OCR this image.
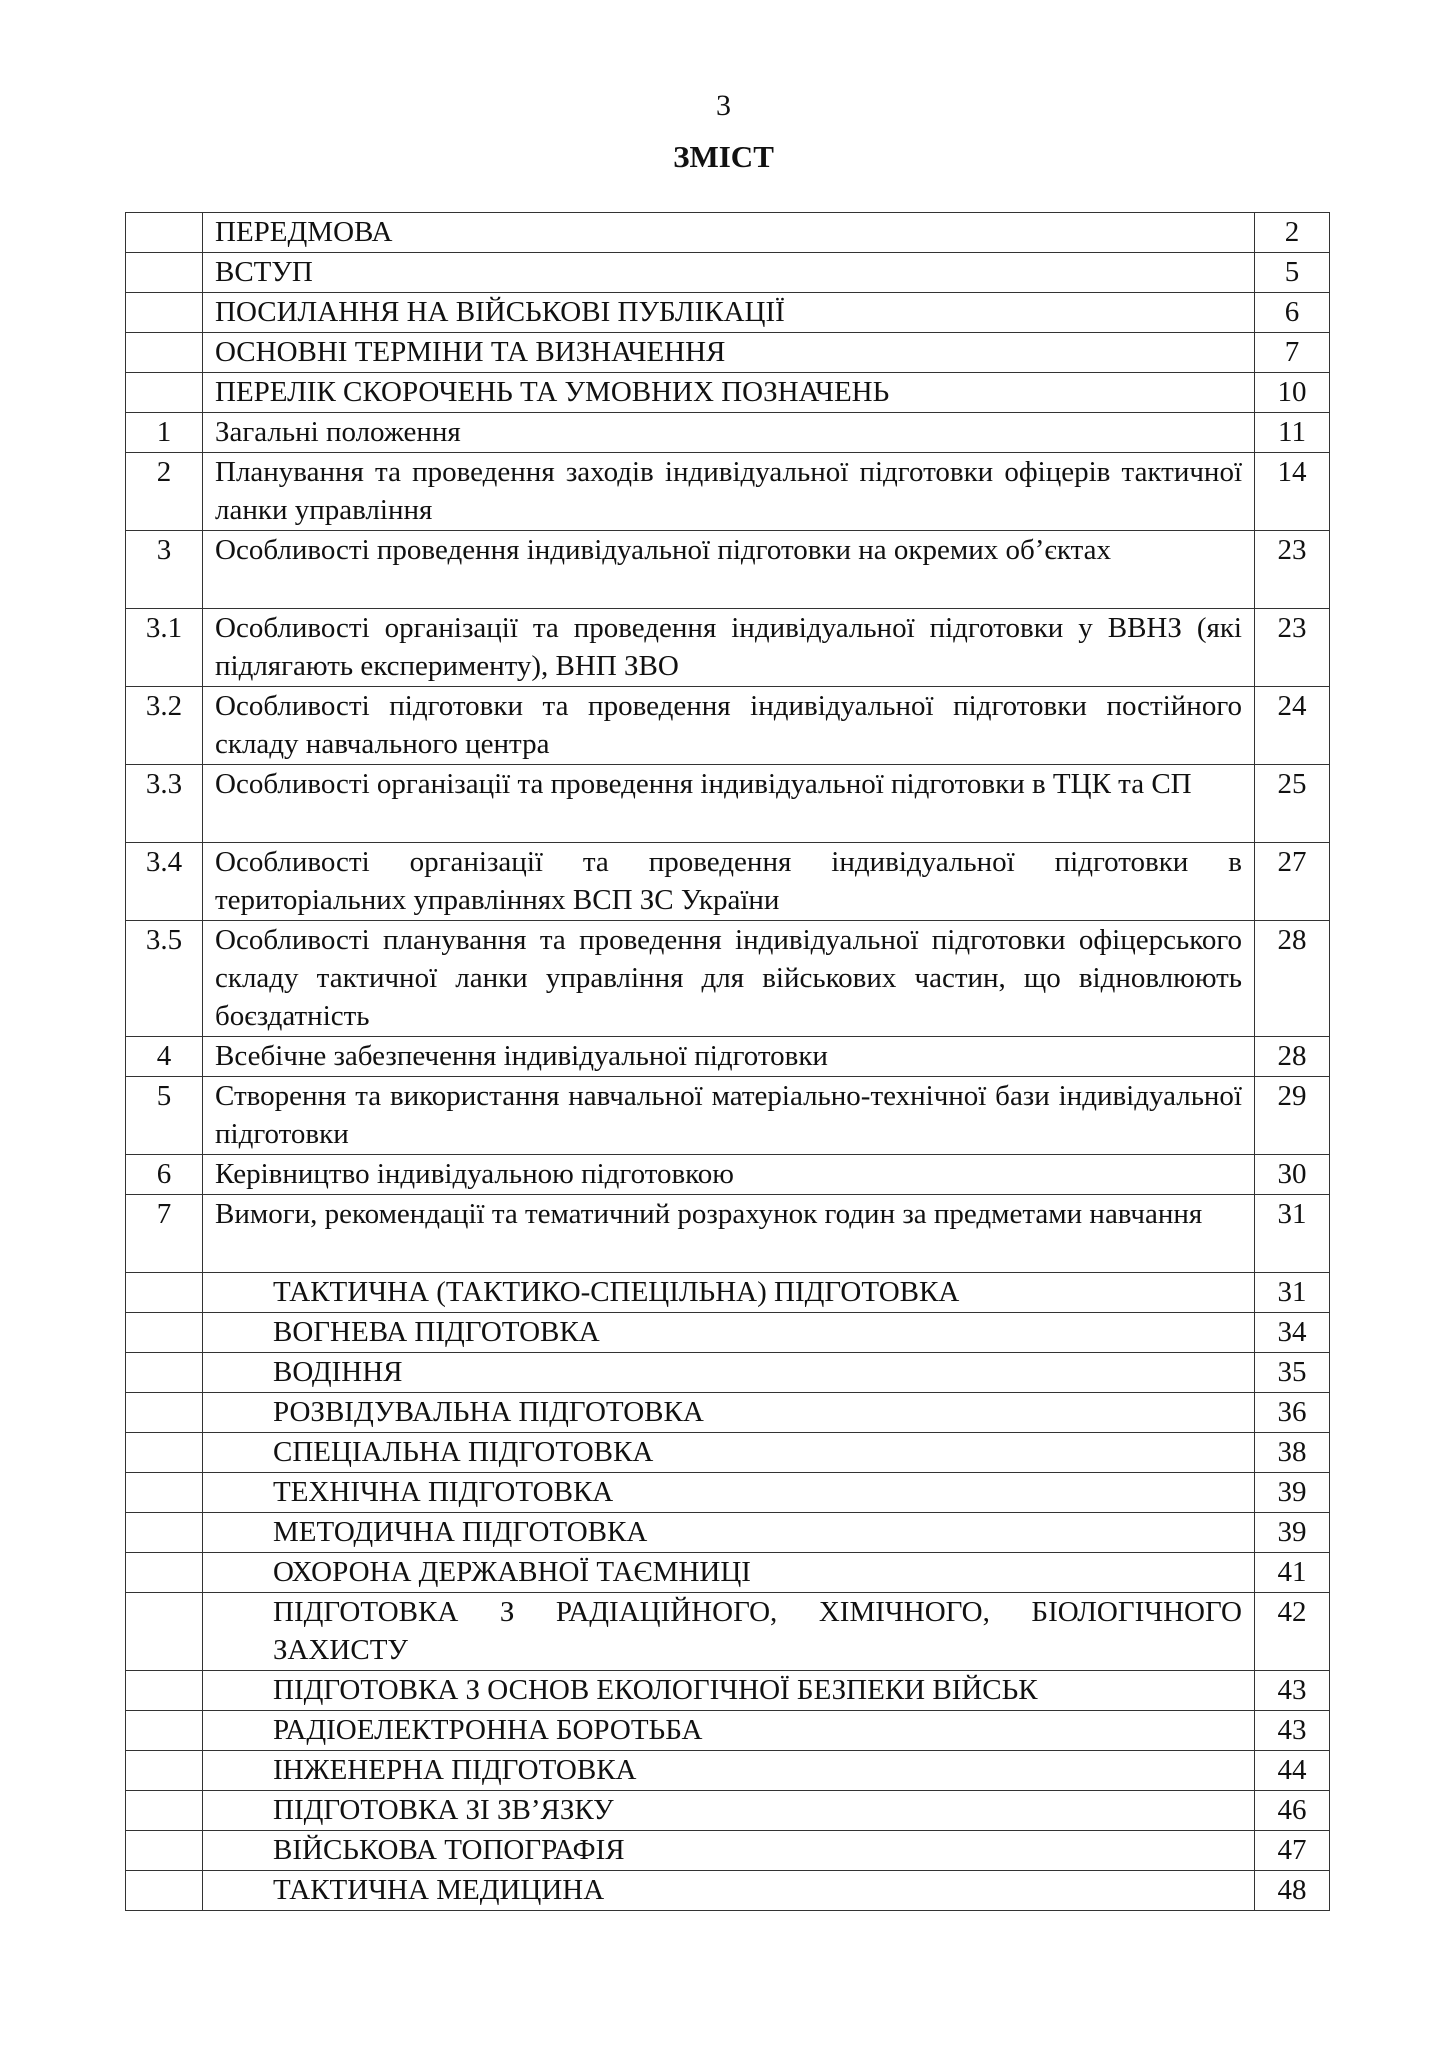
3
ЗМІСТ
	ПЕРЕДМОВА	2
	ВСТУП	5
	ПОСИЛАННЯ НА ВІЙСЬКОВІ ПУБЛІКАЦІЇ	6
	ОСНОВНІ ТЕРМІНИ ТА ВИЗНАЧЕННЯ	7
	ПЕРЕЛІК СКОРОЧЕНЬ ТА УМОВНИХ ПОЗНАЧЕНЬ	10
1	Загальні положення	11
2	Планування та проведення заходів індивідуальної підготовки офіцерів тактичної ланки управління	14
3	Особливості проведення індивідуальної підготовки на окремих об’єктах	23
3.1	Особливості організації та проведення індивідуальної підготовки у ВВНЗ (які підлягають експерименту), ВНП ЗВО	23
3.2	Особливості підготовки та проведення індивідуальної підготовки постійного складу навчального центра	24
3.3	Особливості організації та проведення індивідуальної підготовки в ТЦК та СП	25
3.4	Особливості організації та проведення індивідуальної підготовки в територіальних управліннях ВСП ЗС України	27
3.5	Особливості планування та проведення індивідуальної підготовки офіцерського складу тактичної ланки управління для військових частин, що відновлюють боєздатність	28
4	Всебічне забезпечення індивідуальної підготовки	28
5	Створення та використання навчальної матеріально-технічної бази індивідуальної підготовки	29
6	Керівництво індивідуальною підготовкою	30
7	Вимоги, рекомендації та тематичний розрахунок годин за предметами навчання	31
	ТАКТИЧНА (ТАКТИКО-СПЕЦІЛЬНА) ПІДГОТОВКА	31
	ВОГНЕВА ПІДГОТОВКА	34
	ВОДІННЯ	35
	РОЗВІДУВАЛЬНА ПІДГОТОВКА	36
	СПЕЦІАЛЬНА ПІДГОТОВКА	38
	ТЕХНІЧНА ПІДГОТОВКА	39
	МЕТОДИЧНА ПІДГОТОВКА	39
	ОХОРОНА ДЕРЖАВНОЇ ТАЄМНИЦІ	41
	ПІДГОТОВКА З РАДІАЦІЙНОГО, ХІМІЧНОГО, БІОЛОГІЧНОГО ЗАХИСТУ	42
	ПІДГОТОВКА З ОСНОВ ЕКОЛОГІЧНОЇ БЕЗПЕКИ ВІЙСЬК	43
	РАДІОЕЛЕКТРОННА БОРОТЬБА	43
	ІНЖЕНЕРНА ПІДГОТОВКА	44
	ПІДГОТОВКА ЗІ ЗВ’ЯЗКУ	46
	ВІЙСЬКОВА ТОПОГРАФІЯ	47
	ТАКТИЧНА МЕДИЦИНА	48
